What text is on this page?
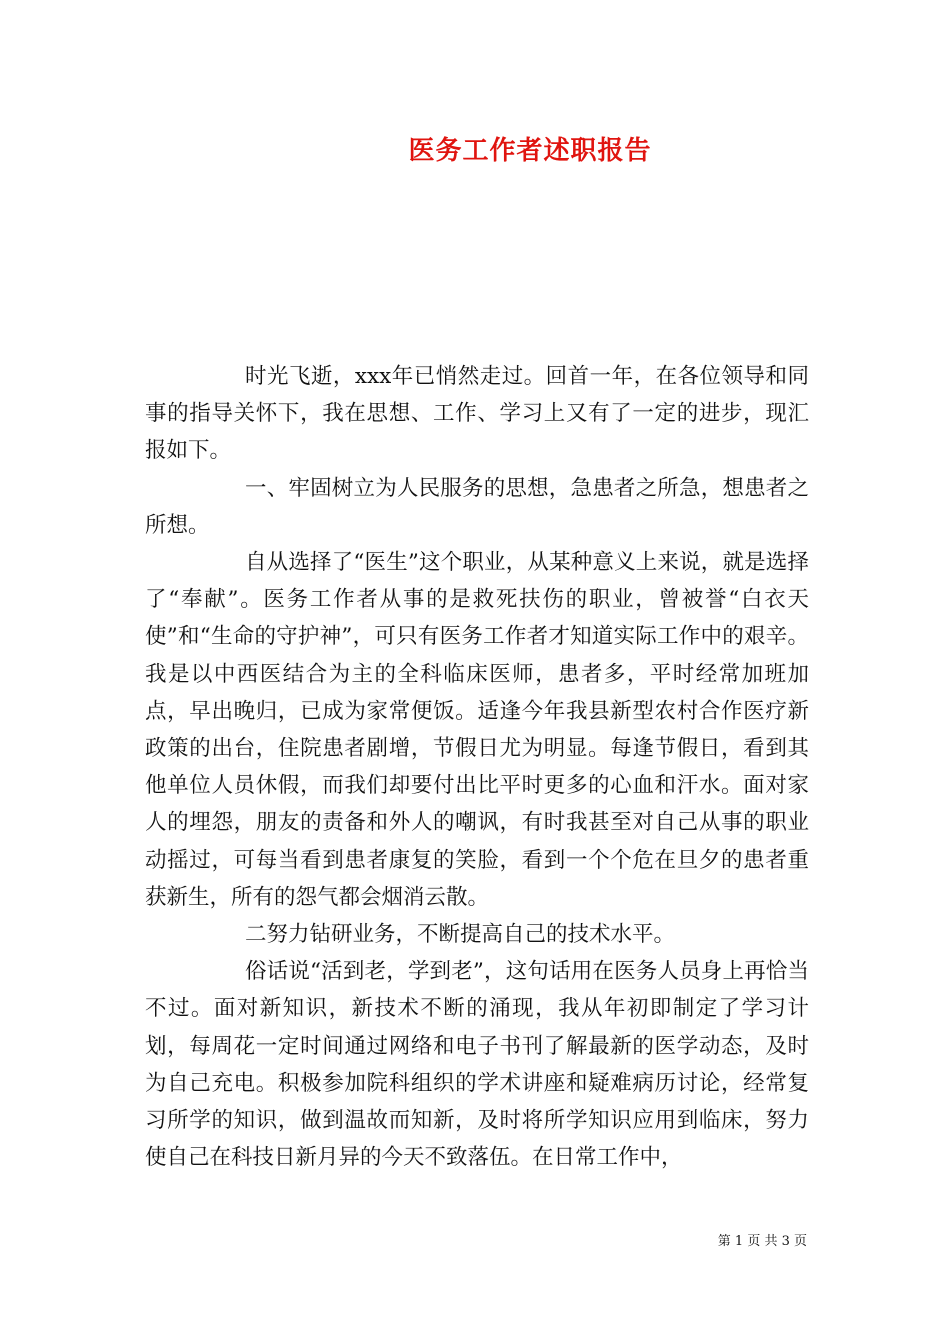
医务工作者述职报告

时光飞逝，xxx年已悄然走过。回首一年，在各位领导和同事的指导关怀下，我在思想、工作、学习上又有了一定的进步，现汇报如下。

一、牢固树立为人民服务的思想，急患者之所急，想患者之所想。

自从选择了“医生”这个职业，从某种意义上来说，就是选择了“奉献”。医务工作者从事的是救死扶伤的职业，曾被誉“白衣天使”和“生命的守护神”，可只有医务工作者才知道实际工作中的艰辛。我是以中西医结合为主的全科临床医师，患者多，平时经常加班加点，早出晚归，已成为家常便饭。适逢今年我县新型农村合作医疗新政策的出台，住院患者剧增，节假日尤为明显。每逢节假日，看到其他单位人员休假，而我们却要付出比平时更多的心血和汗水。面对家人的埋怨，朋友的责备和外人的嘲讽，有时我甚至对自己从事的职业动摇过，可每当看到患者康复的笑脸，看到一个个危在旦夕的患者重获新生，所有的怨气都会烟消云散。

二努力钻研业务，不断提高自己的技术水平。

俗话说“活到老，学到老”，这句话用在医务人员身上再恰当不过。面对新知识，新技术不断的涌现，我从年初即制定了学习计划，每周花一定时间通过网络和电子书刊了解最新的医学动态，及时为自己充电。积极参加院科组织的学术讲座和疑难病历讨论，经常复习所学的知识，做到温故而知新，及时将所学知识应用到临床，努力使自己在科技日新月异的今天不致落伍。在日常工作中，

第 1 页 共 3 页
